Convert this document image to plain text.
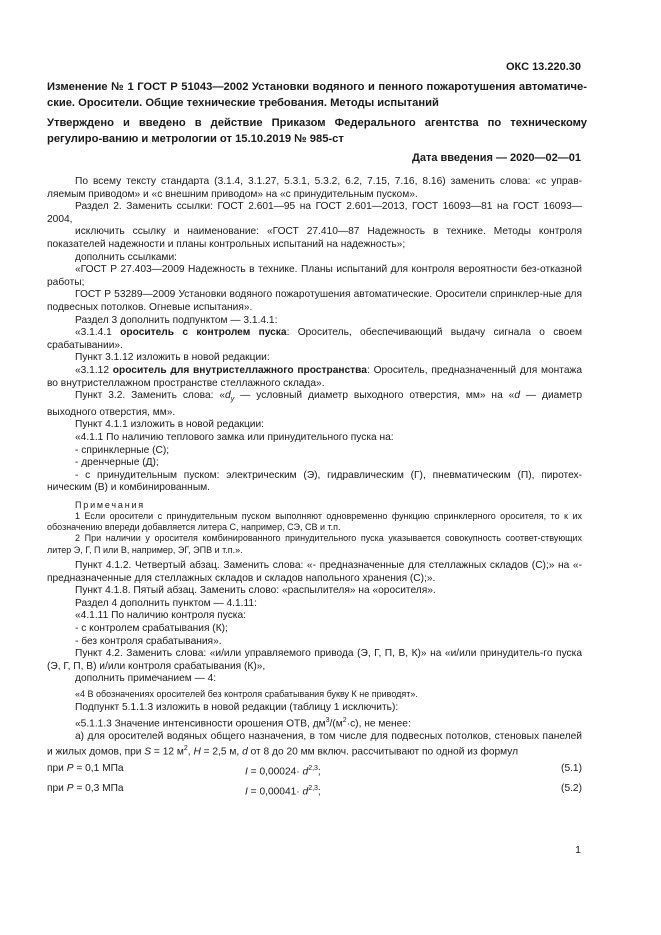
ОКС 13.220.30
Изменение № 1 ГОСТ Р 51043—2002 Установки водяного и пенного пожаротушения автоматиче-ские. Оросители. Общие технические требования. Методы испытаний
Утверждено и введено в действие Приказом Федерального агентства по техническому регулиро-ванию и метрологии от 15.10.2019 № 985-ст
Дата введения — 2020—02—01

По всему тексту стандарта (3.1.4, 3.1.27, 5.3.1, 5.3.2, 6.2, 7.15, 7.16, 8.16) заменить слова: «с управ-ляемым приводом» и «с внешним приводом» на «с принудительным пуском».

Раздел 2. Заменить ссылки: ГОСТ 2.601—95 на ГОСТ 2.601—2013, ГОСТ 16093—81 на ГОСТ 16093—2004,

исключить ссылку и наименование: «ГОСТ 27.410—87 Надежность в технике. Методы контроля показателей надежности и планы контрольных испытаний на надежность»;

дополнить ссылками:

«ГОСТ Р 27.403—2009 Надежность в технике. Планы испытаний для контроля вероятности без-отказной работы;

ГОСТ Р 53289—2009 Установки водяного пожаротушения автоматические. Оросители спринклер-ные для подвесных потолков. Огневые испытания».

Раздел 3 дополнить подпунктом — 3.1.4.1:

«3.1.4.1 ороситель с контролем пуска: Ороситель, обеспечивающий выдачу сигнала о своем срабатывании».

Пункт 3.1.12 изложить в новой редакции:

«3.1.12 ороситель для внутристеллажного пространства: Ороситель, предназначенный для монтажа во внутристеллажном пространстве стеллажного склада».

Пункт 3.2. Заменить слова: «$d_y$ — условный диаметр выходного отверстия, мм» на «d — диаметр выходного отверстия, мм».

Пункт 4.1.1 изложить в новой редакции:

«4.1.1 По наличию теплового замка или принудительного пуска на:

- спринклерные (С);

- дренчерные (Д);

- с принудительным пуском: электрическим (Э), гидравлическим (Г), пневматическим (П), пиротех-ническим (В) и комбинированным.

Примечания

1 Если оросители с принудительным пуском выполняют одновременно функцию спринклерного оросителя, то к их обозначению впереди добавляется литера С, например, СЭ, СВ и т.п.

2 При наличии у оросителя комбинированного принудительного пуска указывается совокупность соответ-ствующих литер Э, Г, П или В, например, ЭГ, ЭПВ и т.п.».

Пункт 4.1.2. Четвертый абзац. Заменить слова: «- предназначенные для стеллажных складов (С);» на «- предназначенные для стеллажных складов и складов напольного хранения (С);».

Пункт 4.1.8. Пятый абзац. Заменить слово: «распылителя» на «оросителя».

Раздел 4 дополнить пунктом — 4.1.11:

«4.1.11 По наличию контроля пуска:

- с контролем срабатывания (К);

- без контроля срабатывания».

Пункт 4.2. Заменить слова: «и/или управляемого привода (Э, Г, П, В, К)» на «и/или принудитель-го пуска (Э, Г, П, В) и/или контроля срабатывания (К)»,

дополнить примечанием — 4:

«4 В обозначениях оросителей без контроля срабатывания букву К не приводят».

Подпункт 5.1.1.3 изложить в новой редакции (таблицу 1 исключить):

«5.1.1.3 Значение интенсивности орошения ОТВ, $дм^3/(м^2\cdot с)$, не менее:

а) для оросителей водяных общего назначения, в том числе для подвесных потолков, стеновых панелей и жилых домов, при S = 12 $м^2$, H = 2,5 м, d от 8 до 20 мм включ. рассчитывают по одной из формул

при P = 0,1 МПа	$I = 0,00024\cdot d^{2,3}$;	(5.1)
при P = 0,3 МПа	$I = 0,00041\cdot d^{2,3}$;	(5.2)
1
